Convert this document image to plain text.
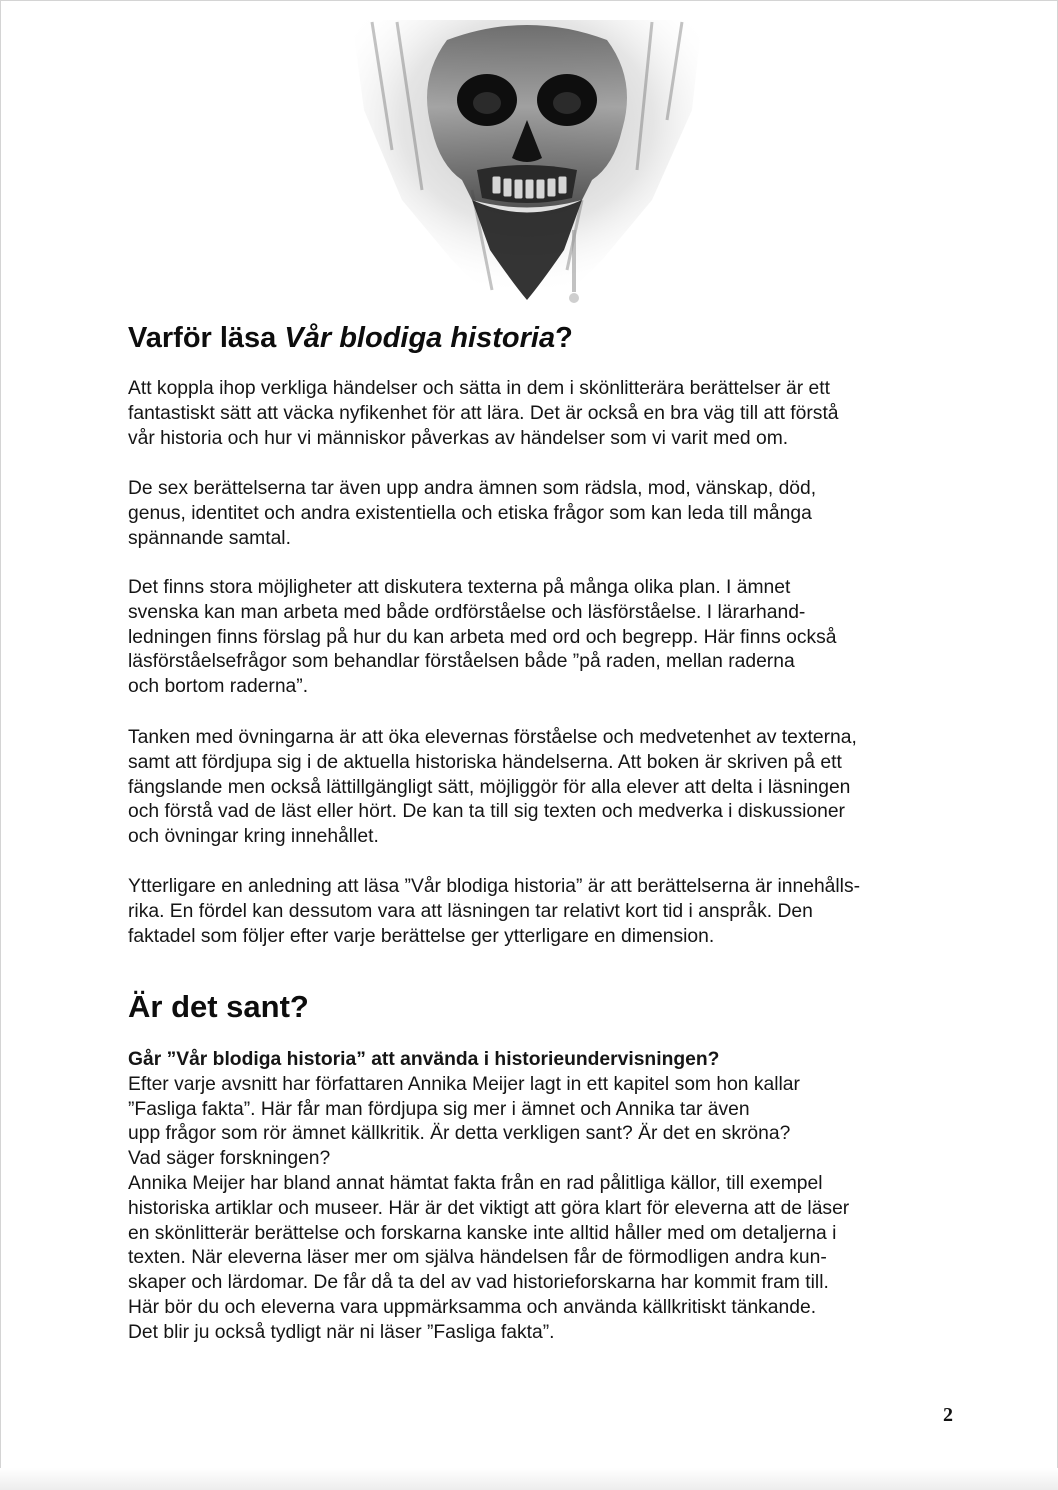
Varför läsa Vår blodiga historia?

Att koppla ihop verkliga händelser och sätta in dem i skönlitterära berättelser är ett
fantastiskt sätt att väcka nyfikenhet för att lära. Det är också en bra väg till att förstå
vår historia och hur vi människor påverkas av händelser som vi varit med om.

De sex berättelserna tar även upp andra ämnen som rädsla, mod, vänskap, död,
genus, identitet och andra existentiella och etiska frågor som kan leda till många
spännande samtal.

Det finns stora möjligheter att diskutera texterna på många olika plan. I ämnet
svenska kan man arbeta med både ordförståelse och läsförståelse. I lärarhand-
ledningen finns förslag på hur du kan arbeta med ord och begrepp. Här finns också
läsförståelsefrågor som behandlar förståelsen både ”på raden, mellan raderna
och bortom raderna”.

Tanken med övningarna är att öka elevernas förståelse och medvetenhet av texterna,
samt att fördjupa sig i de aktuella historiska händelserna. Att boken är skriven på ett
fängslande men också lättillgängligt sätt, möjliggör för alla elever att delta i läsningen
och förstå vad de läst eller hört. De kan ta till sig texten och medverka i diskussioner
och övningar kring innehållet.

Ytterligare en anledning att läsa ”Vår blodiga historia” är att berättelserna är innehålls-
rika. En fördel kan dessutom vara att läsningen tar relativt kort tid i anspråk. Den
faktadel som följer efter varje berättelse ger ytterligare en dimension.

Är det sant?

Går ”Vår blodiga historia” att använda i historieundervisningen?
Efter varje avsnitt har författaren Annika Meijer lagt in ett kapitel som hon kallar
”Fasliga fakta”. Här får man fördjupa sig mer i ämnet och Annika tar även
upp frågor som rör ämnet källkritik. Är detta verkligen sant? Är det en skröna?
Vad säger forskningen?
Annika Meijer har bland annat hämtat fakta från en rad pålitliga källor, till exempel
historiska artiklar och museer. Här är det viktigt att göra klart för eleverna att de läser
en skönlitterär berättelse och forskarna kanske inte alltid håller med om detaljerna i
texten. När eleverna läser mer om själva händelsen får de förmodligen andra kun-
skaper och lärdomar. De får då ta del av vad historieforskarna har kommit fram till.
Här bör du och eleverna vara uppmärksamma och använda källkritiskt tänkande.
Det blir ju också tydligt när ni läser ”Fasliga fakta”.

2
